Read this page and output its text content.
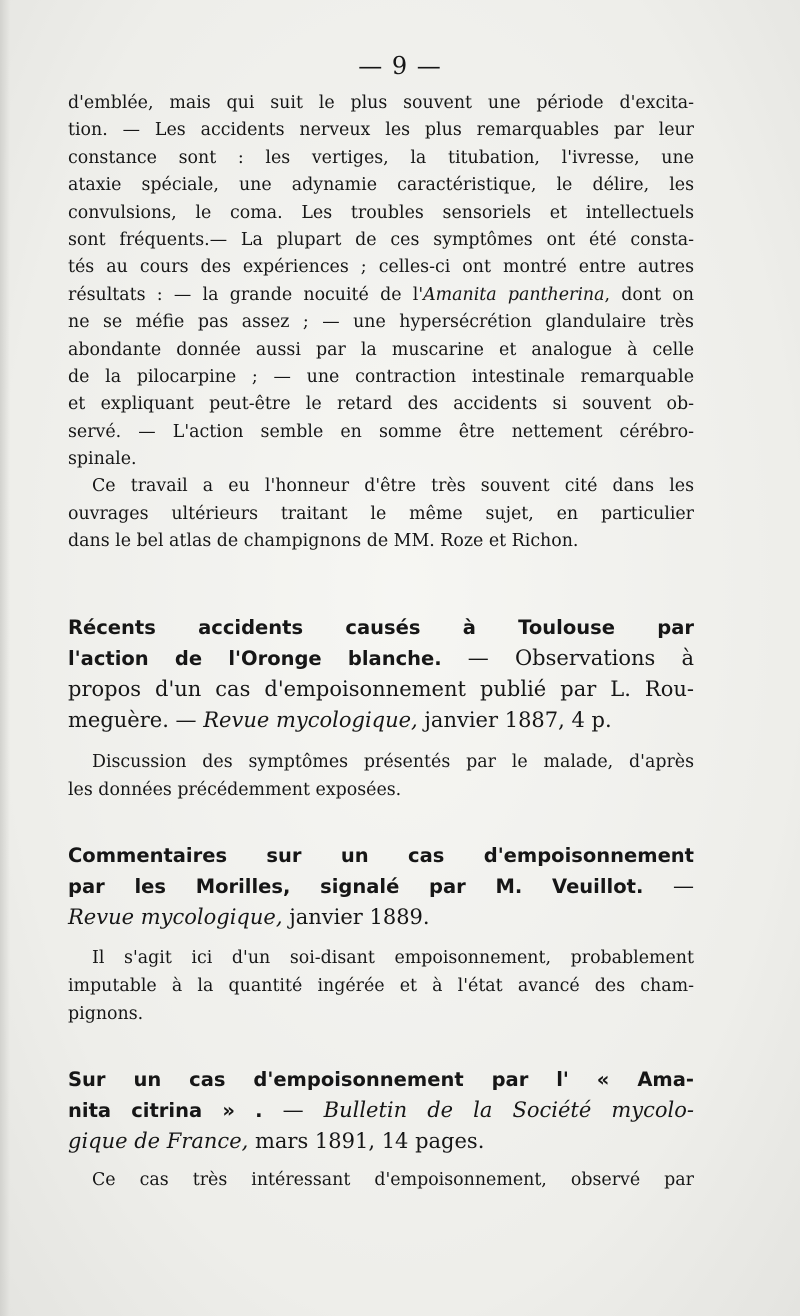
— 9 —
d'emblée, mais qui suit le plus souvent une période d'excita-
tion. — Les accidents nerveux les plus remarquables par leur
constance sont : les vertiges, la titubation, l'ivresse, une
ataxie spéciale, une adynamie caractéristique, le délire, les
convulsions, le coma. Les troubles sensoriels et intellectuels
sont fréquents.— La plupart de ces symptômes ont été consta-
tés au cours des expériences ; celles-ci ont montré entre autres
résultats : — la grande nocuité de l'Amanita pantherina, dont on
ne se méfie pas assez ; — une hypersécrétion glandulaire très
abondante donnée aussi par la muscarine et analogue à celle
de la pilocarpine ; — une contraction intestinale remarquable
et expliquant peut-être le retard des accidents si souvent ob-
servé. — L'action semble en somme être nettement cérébro-
spinale.
Ce travail a eu l'honneur d'être très souvent cité dans les
ouvrages ultérieurs traitant le même sujet, en particulier
dans le bel atlas de champignons de MM. Roze et Richon.
Récents accidents causés à Toulouse par
l'action de l'Oronge blanche. — Observations à
propos d'un cas d'empoisonnement publié par L. Rou-
meguère. — Revue mycologique, janvier 1887, 4 p.
Discussion des symptômes présentés par le malade, d'après
les données précédemment exposées.
Commentaires sur un cas d'empoisonnement
par les Morilles, signalé par M. Veuillot. —
Revue mycologique, janvier 1889.
Il s'agit ici d'un soi-disant empoisonnement, probablement
imputable à la quantité ingérée et à l'état avancé des cham-
pignons.
Sur un cas d'empoisonnement par l' « Ama-
nita citrina » . — Bulletin de la Société mycolo-
gique de France, mars 1891, 14 pages.
Ce cas très intéressant d'empoisonnement, observé par
